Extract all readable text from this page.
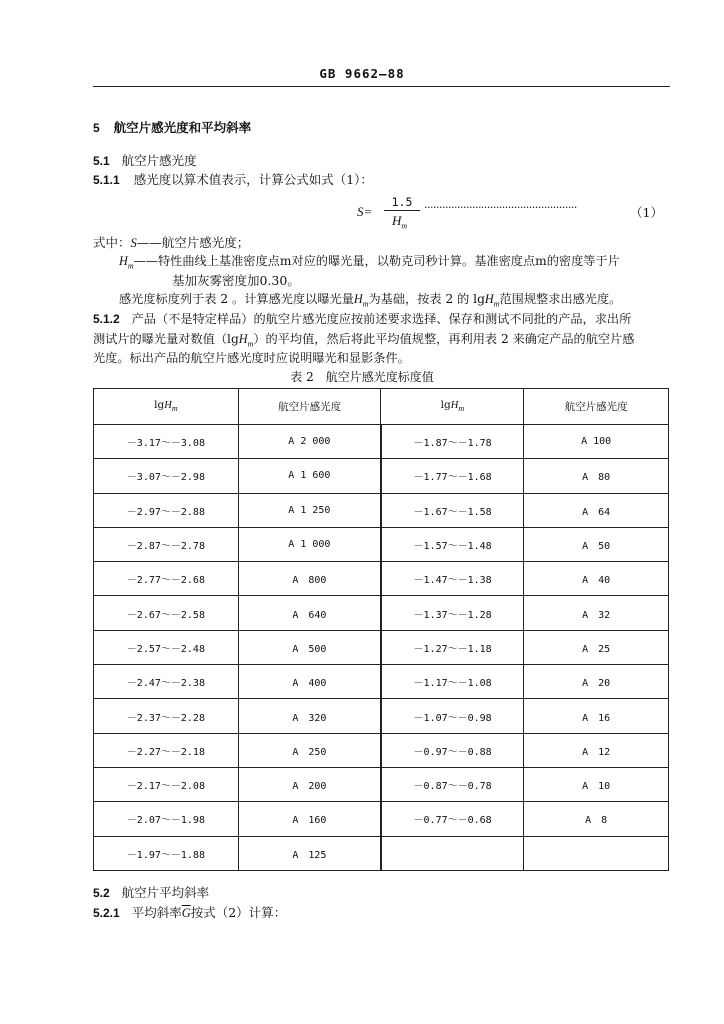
GB 9662—88
5 航空片感光度和平均斜率
5.1 航空片感光度
5.1.1 感光度以算术值表示，计算公式如式（1）：
S=
1.5
$H_m$
···················································	（1）
式中：S——航空片感光度；
$H_m——$特性曲线上基准密度点m对应的曝光量，以勒克司秒计算。基准密度点m的密度等于片
基加灰雾密度加0.30。
感光度标度列于表 2 。计算感光度以曝光量$H_m$为基础，按表 2 的 lgH$_m$范围规整求出感光度。
5.1.2 产品（不是特定样品）的航空片感光度应按前述要求选择、保存和测试不同批的产品，求出所
测试片的曝光量对数值（lgH$_m$）的平均值，然后将此平均值规整，再利用表 2 来确定产品的航空片感
光度。标出产品的航空片感光度时应说明曝光和显影条件。
表 2　航空片感光度标度值
lgH$_m$	航空片感光度	lgH$_m$	航空片感光度
－3.17～－3.08	A 2 000	－1.87～－1.78	A 100
－3.07～－2.98	A 1 600	－1.77～－1.68	A　80
－2.97～－2.88	A 1 250	－1.67～－1.58	A　64
－2.87～－2.78	A 1 000	－1.57～－1.48	A　50
－2.77～－2.68	A　800	－1.47～－1.38	A　40
－2.67～－2.58	A　640	－1.37～－1.28	A　32
－2.57～－2.48	A　500	－1.27～－1.18	A　25
－2.47～－2.38	A　400	－1.17～－1.08	A　20
－2.37～－2.28	A　320	－1.07～－0.98	A　16
－2.27～－2.18	A　250	－0.97～－0.88	A　12
－2.17～－2.08	A　200	－0.87～－0.78	A　10
－2.07～－1.98	A　160	－0.77～－0.68	A　8
－1.97～－1.88	A　125		
5.2 航空片平均斜率
5.2.1 平均斜率$\overline{G}$按式（2）计算：
